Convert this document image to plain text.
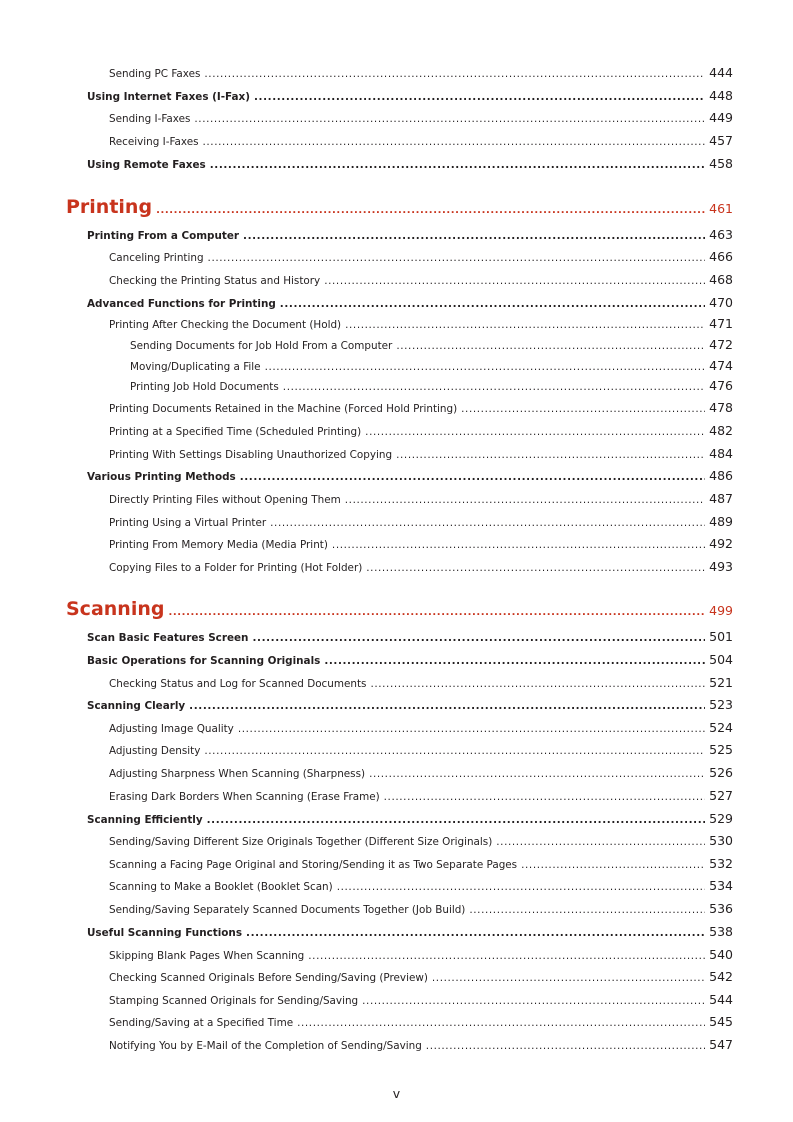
Sending PC Faxes .....	444
Using Internet Faxes (I-Fax) .....	448
Sending I-Faxes .....	449
Receiving I-Faxes .....	457
Using Remote Faxes .....	458
Printing .....	461
Printing From a Computer .....	463
Canceling Printing .....	466
Checking the Printing Status and History .....	468
Advanced Functions for Printing .....	470
Printing After Checking the Document (Hold) .....	471
Sending Documents for Job Hold From a Computer .....	472
Moving/Duplicating a File .....	474
Printing Job Hold Documents .....	476
Printing Documents Retained in the Machine (Forced Hold Printing) .....	478
Printing at a Specified Time (Scheduled Printing) .....	482
Printing With Settings Disabling Unauthorized Copying .....	484
Various Printing Methods .....	486
Directly Printing Files without Opening Them .....	487
Printing Using a Virtual Printer .....	489
Printing From Memory Media (Media Print) .....	492
Copying Files to a Folder for Printing (Hot Folder) .....	493
Scanning .....	499
Scan Basic Features Screen .....	501
Basic Operations for Scanning Originals .....	504
Checking Status and Log for Scanned Documents .....	521
Scanning Clearly .....	523
Adjusting Image Quality .....	524
Adjusting Density .....	525
Adjusting Sharpness When Scanning (Sharpness) .....	526
Erasing Dark Borders When Scanning (Erase Frame) .....	527
Scanning Efficiently .....	529
Sending/Saving Different Size Originals Together (Different Size Originals) .....	530
Scanning a Facing Page Original and Storing/Sending it as Two Separate Pages .....	532
Scanning to Make a Booklet (Booklet Scan) .....	534
Sending/Saving Separately Scanned Documents Together (Job Build) .....	536
Useful Scanning Functions .....	538
Skipping Blank Pages When Scanning .....	540
Checking Scanned Originals Before Sending/Saving (Preview) .....	542
Stamping Scanned Originals for Sending/Saving .....	544
Sending/Saving at a Specified Time .....	545
Notifying You by E-Mail of the Completion of Sending/Saving .....	547
v
